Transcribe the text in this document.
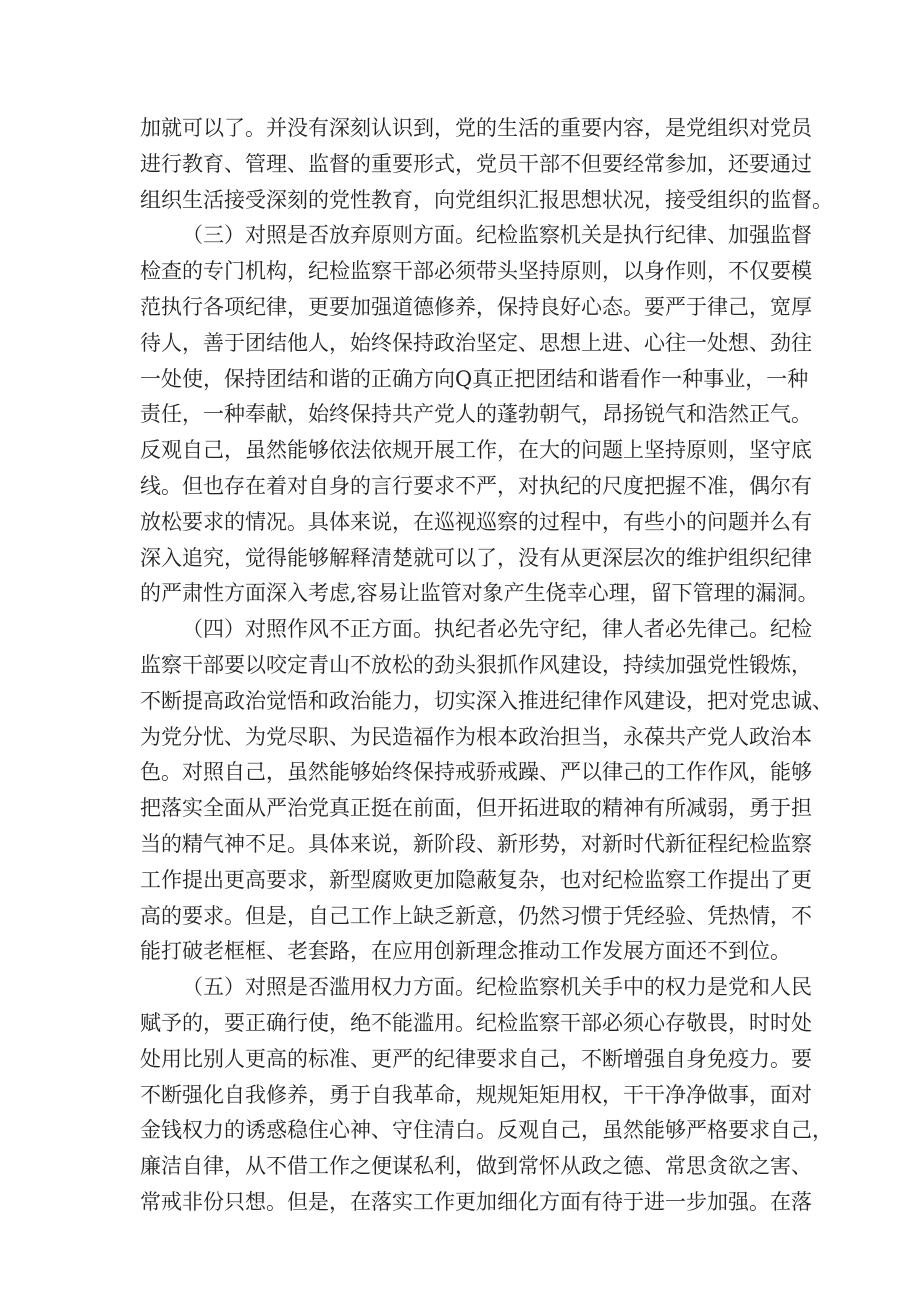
加就可以了。并没有深刻认识到，党的生活的重要内容，是党组织对党员
进行教育、管理、监督的重要形式，党员干部不但要经常参加，还要通过
组织生活接受深刻的党性教育，向党组织汇报思想状况，接受组织的监督。
（三）对照是否放弃原则方面。纪检监察机关是执行纪律、加强监督
检查的专门机构，纪检监察干部必须带头坚持原则，以身作则，不仅要模
范执行各项纪律，更要加强道德修养，保持良好心态。要严于律己，宽厚
待人，善于团结他人，始终保持政治坚定、思想上进、心往一处想、劲往
一处使，保持团结和谐的正确方向Q真正把团结和谐看作一种事业，一种
责任，一种奉献，始终保持共产党人的蓬勃朝气，昂扬锐气和浩然正气。
反观自己，虽然能够依法依规开展工作，在大的问题上坚持原则，坚守底
线。但也存在着对自身的言行要求不严，对执纪的尺度把握不准，偶尔有
放松要求的情况。具体来说，在巡视巡察的过程中，有些小的问题并么有
深入追究，觉得能够解释清楚就可以了，没有从更深层次的维护组织纪律
的严肃性方面深入考虑,容易让监管对象产生侥幸心理，留下管理的漏洞。
（四）对照作风不正方面。执纪者必先守纪，律人者必先律己。纪检
监察干部要以咬定青山不放松的劲头狠抓作风建设，持续加强党性锻炼，
不断提高政治觉悟和政治能力，切实深入推进纪律作风建设，把对党忠诚、
为党分忧、为党尽职、为民造福作为根本政治担当，永葆共产党人政治本
色。对照自己，虽然能够始终保持戒骄戒躁、严以律己的工作作风，能够
把落实全面从严治党真正挺在前面，但开拓进取的精神有所减弱，勇于担
当的精气神不足。具体来说，新阶段、新形势，对新时代新征程纪检监察
工作提出更高要求，新型腐败更加隐蔽复杂，也对纪检监察工作提出了更
高的要求。但是，自己工作上缺乏新意，仍然习惯于凭经验、凭热情，不
能打破老框框、老套路，在应用创新理念推动工作发展方面还不到位。
（五）对照是否滥用权力方面。纪检监察机关手中的权力是党和人民
赋予的，要正确行使，绝不能滥用。纪检监察干部必须心存敬畏，时时处
处用比别人更高的标准、更严的纪律要求自己，不断增强自身免疫力。要
不断强化自我修养，勇于自我革命，规规矩矩用权，干干净净做事，面对
金钱权力的诱惑稳住心神、守住清白。反观自己，虽然能够严格要求自己，
廉洁自律，从不借工作之便谋私利，做到常怀从政之德、常思贪欲之害、
常戒非份只想。但是，在落实工作更加细化方面有待于进一步加强。在落
